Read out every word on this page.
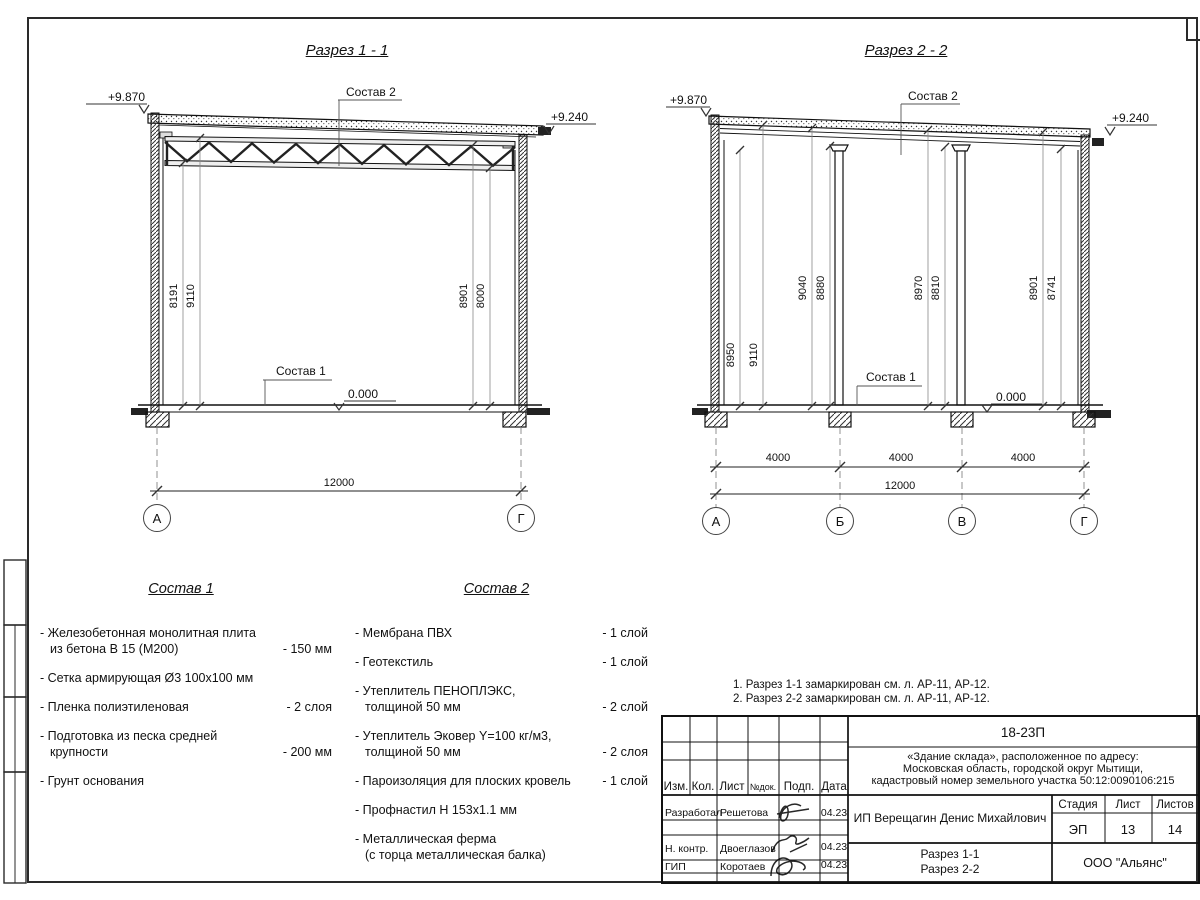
Разрез 1 - 1	Разрез 2 - 2
8191 9110	8901 8000
+9.870
+9.240
0.000
Состав 2
Состав 1
12000
А	Г
8950 9110
9040 8880	8970 8810	8901 8741
+9.870
+9.240
0.000
Состав 2
Состав 1
4000	4000	4000
12000
А	Б	В	Г
Состав 1
- Железобетонная монолитная плита
из бетона В 15 (М200)	- 150 мм
- Сетка армирующая Ø3 100х100 мм
- Пленка полиэтиленовая	- 2 слоя
- Подготовка из песка средней
крупности	- 200 мм
- Грунт основания
Состав 2
- Мембрана ПВХ	- 1 слой
- Геотекстиль	- 1 слой
- Утеплитель ПЕНОПЛЭКС,
толщиной 50 мм	- 2 слой
- Утеплитель Эковер Y=100 кг/м3,
толщиной 50 мм	- 2 слоя
- Пароизоляция для плоских кровель	- 1 слой
- Профнастил Н 153х1.1 мм
- Металлическая ферма
(с торца металлическая балка)
1. Разрез 1-1 замаркирован см. л. АР-11, АР-12.
2. Разрез 2-2 замаркирован см. л. АР-11, АР-12.
Изм. Кол. Лист №док. Подп. Дата
Разработал
Решетова	04.23
Н. контр. Двоеглазов	04.23
ГИП	Коротаев	04.23
18-23П
«Здание склада», расположенное по адресу:
Московская область, городской округ Мытищи,
кадастровый номер земельного участка 50:12:0090106:215
ИП Верещагин Денис Михайлович
Стадия Лист Листов
ЭП	13	14
Разрез 1-1
Разрез 2-2	ООО "Альянс"
